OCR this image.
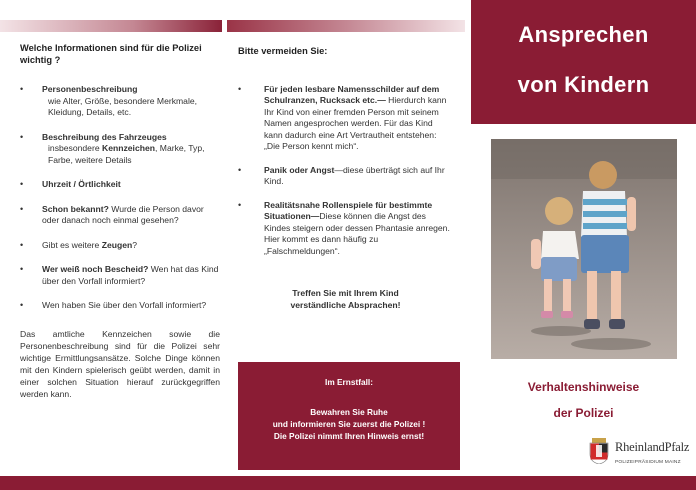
Welche Informationen sind für die Polizei wichtig ?
• Personenbeschreibung
wie Alter, Größe, besondere Merkmale,
Kleidung, Details, etc.
• Beschreibung des Fahrzeuges
insbesondere Kennzeichen, Marke, Typ,
Farbe, weitere Details
• Uhrzeit / Örtlichkeit
• Schon bekannt? Wurde die Person davor oder danach noch einmal gesehen?
• Gibt es weitere Zeugen?
• Wer weiß noch Bescheid? Wen hat das Kind über den Vorfall informiert?
• Wen haben Sie über den Vorfall informiert?

Das amtliche Kennzeichen sowie die Personenbeschreibung sind für die Polizei sehr wichtige Ermittlungsansätze. Solche Dinge können mit den Kindern spielerisch geübt werden, damit in einer solchen Situation hierauf zurückgegriffen werden kann.

Bitte vermeiden Sie:
•	Für jeden lesbare Namensschilder auf dem Schulranzen, Rucksack etc.— Hierdurch kann Ihr Kind von einer fremden Person mit seinem Namen angesprochen werden. Für das Kind kann dadurch eine Art Vertrautheit entstehen: „Die Person kennt mich“.
•	Panik oder Angst—diese überträgt sich auf Ihr Kind.
•	Realitätsnahe Rollenspiele für bestimmte Situationen—Diese können die Angst des Kindes steigern oder dessen Phantasie anregen. Hier kommt es dann häufig zu „Falschmeldungen“.
Treffen Sie mit Ihrem Kind
verständliche Absprachen!
Im Ernstfall:
Bewahren Sie Ruhe
und informieren Sie zuerst die Polizei !
Die Polizei nimmt Ihren Hinweis ernst!
Ansprechen
von Kindern
Verhaltenshinweise
der Polizei
RheinlandPfalz
POLIZEIPRÄSIDIUM MAINZ
